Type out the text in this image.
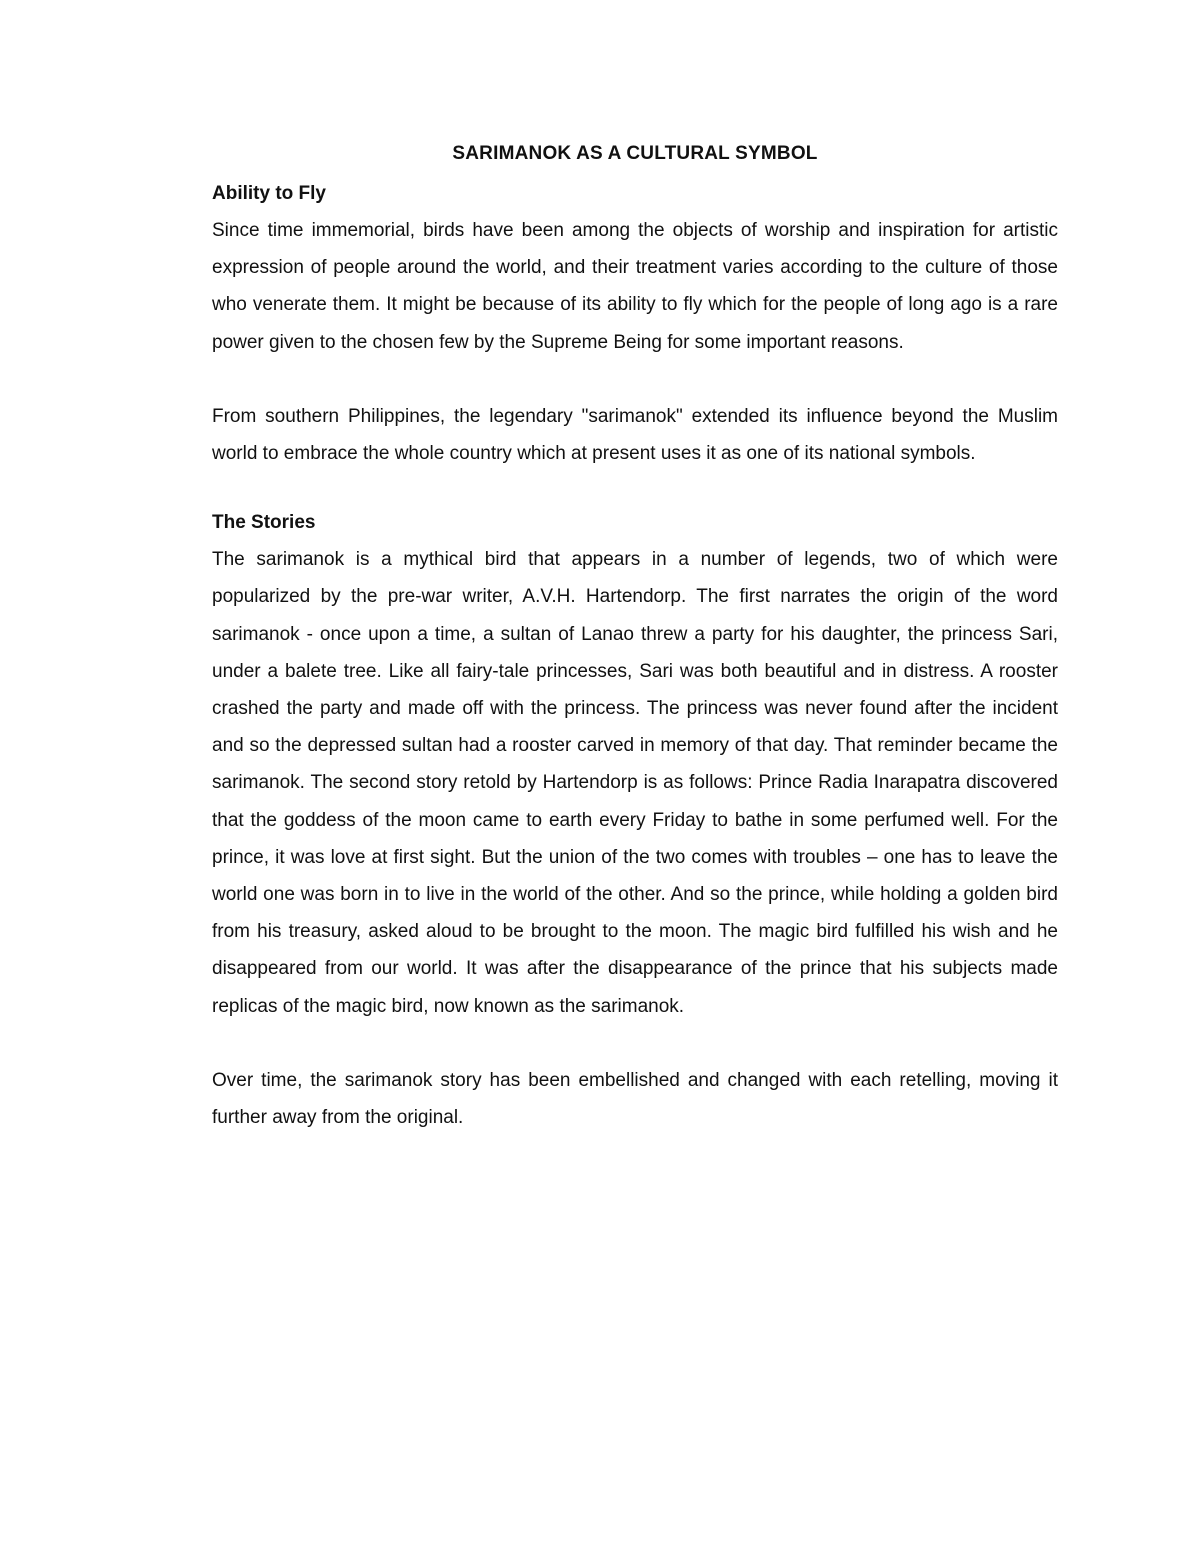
SARIMANOK AS A CULTURAL SYMBOL
Ability to Fly

Since time immemorial, birds have been among the objects of worship and inspiration for artistic expression of people around the world, and their treatment varies according to the culture of those who venerate them. It might be because of its ability to fly which for the people of long ago is a rare power given to the chosen few by the Supreme Being for some important reasons.

From southern Philippines, the legendary "sarimanok" extended its influence beyond the Muslim world to embrace the whole country which at present uses it as one of its national symbols.

The Stories

The sarimanok is a mythical bird that appears in a number of legends, two of which were popularized by the pre-war writer, A.V.H. Hartendorp. The first narrates the origin of the word sarimanok - once upon a time, a sultan of Lanao threw a party for his daughter, the princess Sari, under a balete tree. Like all fairy-tale princesses, Sari was both beautiful and in distress. A rooster crashed the party and made off with the princess. The princess was never found after the incident and so the depressed sultan had a rooster carved in memory of that day. That reminder became the sarimanok. The second story retold by Hartendorp is as follows: Prince Radia Inarapatra discovered that the goddess of the moon came to earth every Friday to bathe in some perfumed well. For the prince, it was love at first sight. But the union of the two comes with troubles – one has to leave the world one was born in to live in the world of the other. And so the prince, while holding a golden bird from his treasury, asked aloud to be brought to the moon. The magic bird fulfilled his wish and he disappeared from our world. It was after the disappearance of the prince that his subjects made replicas of the magic bird, now known as the sarimanok.

Over time, the sarimanok story has been embellished and changed with each retelling, moving it further away from the original.
